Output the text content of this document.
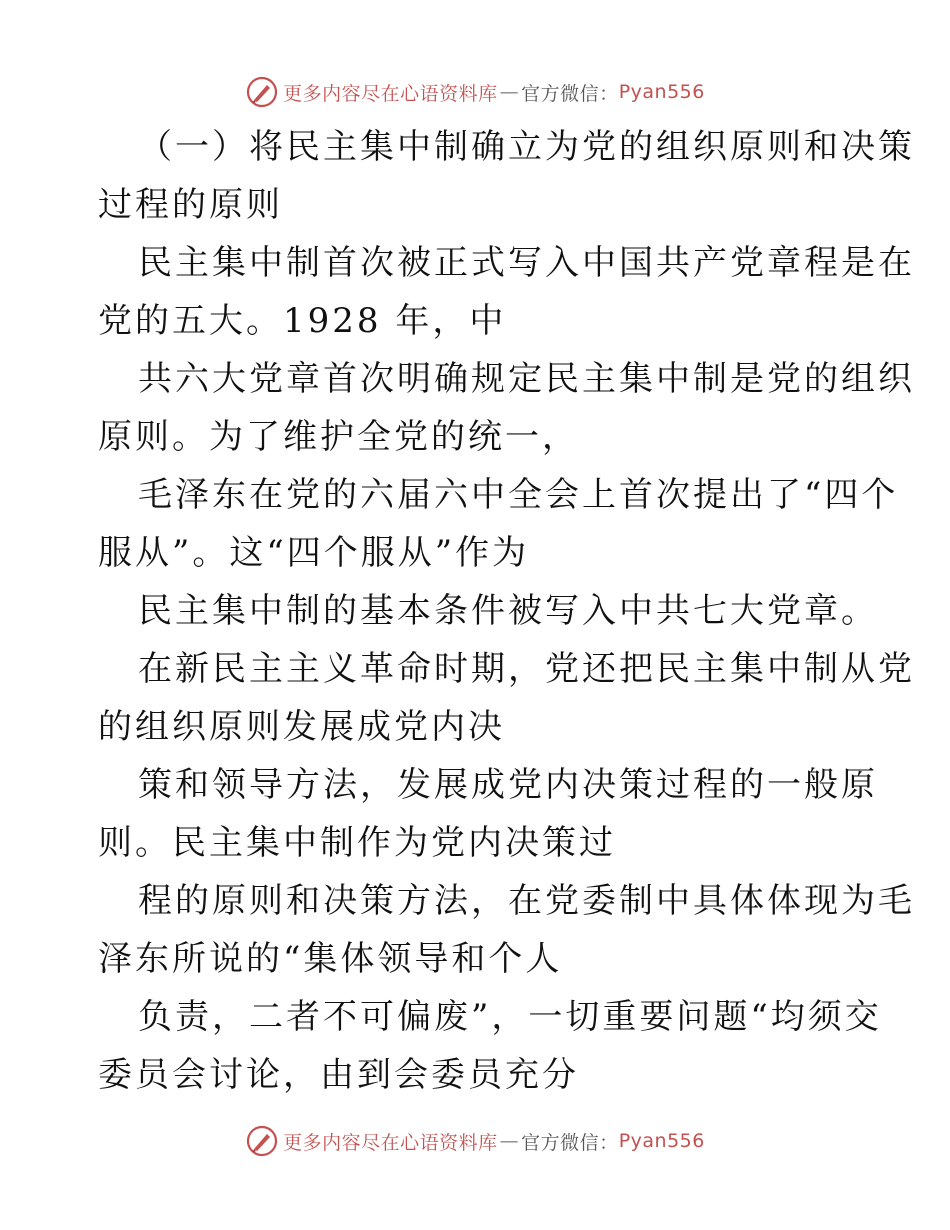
更多内容尽在心语资料库 — 官方微信： Pyan556
（一）将民主集中制确立为党的组织原则和决策
过程的原则
民主集中制首次被正式写入中国共产党章程是在
党的五大。1928 年，中
共六大党章首次明确规定民主集中制是党的组织
原则。为了维护全党的统一，
毛泽东在党的六届六中全会上首次提出了“四个
服从”。这“四个服从”作为
民主集中制的基本条件被写入中共七大党章。
在新民主主义革命时期，党还把民主集中制从党
的组织原则发展成党内决
策和领导方法，发展成党内决策过程的一般原
则。民主集中制作为党内决策过
程的原则和决策方法，在党委制中具体体现为毛
泽东所说的“集体领导和个人
负责，二者不可偏废”，一切重要问题“均须交
委员会讨论，由到会委员充分
更多内容尽在心语资料库 — 官方微信： Pyan556
